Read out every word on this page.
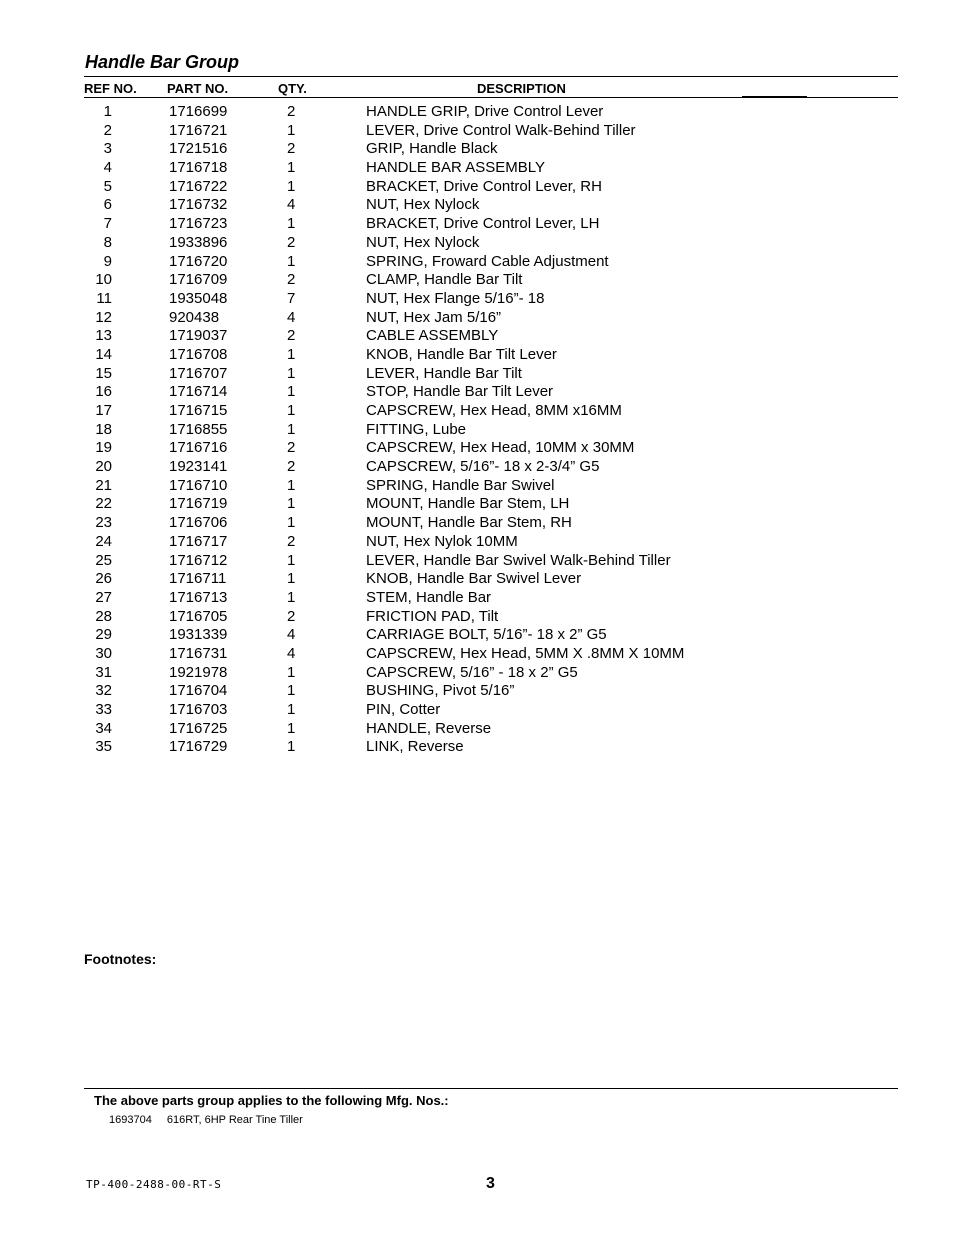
Handle Bar Group
REF NO. PART NO.	QTY.	DESCRIPTION
1	1716699	2	HANDLE GRIP, Drive Control Lever
2	1716721	1	LEVER, Drive Control Walk-Behind Tiller
3	1721516	2	GRIP, Handle Black
4	1716718	1	HANDLE BAR ASSEMBLY
5	1716722	1	BRACKET, Drive Control Lever, RH
6	1716732	4	NUT, Hex Nylock
7	1716723	1	BRACKET, Drive Control Lever, LH
8	1933896	2	NUT, Hex Nylock
9	1716720	1	SPRING, Froward Cable Adjustment
10	1716709	2	CLAMP, Handle Bar Tilt
11	1935048	7	NUT, Hex Flange 5/16”- 18
12	920438	4	NUT, Hex Jam 5/16”
13	1719037	2	CABLE ASSEMBLY
14	1716708	1	KNOB, Handle Bar Tilt Lever
15	1716707	1	LEVER, Handle Bar Tilt
16	1716714	1	STOP, Handle Bar Tilt Lever
17	1716715	1	CAPSCREW, Hex Head, 8MM x16MM
18	1716855	1	FITTING, Lube
19	1716716	2	CAPSCREW, Hex Head, 10MM x 30MM
20	1923141	2	CAPSCREW, 5/16”- 18 x 2-3/4” G5
21	1716710	1	SPRING, Handle Bar Swivel
22	1716719	1	MOUNT, Handle Bar Stem, LH
23	1716706	1	MOUNT, Handle Bar Stem, RH
24	1716717	2	NUT, Hex Nylok 10MM
25	1716712	1	LEVER, Handle Bar Swivel Walk-Behind Tiller
26	1716711	1	KNOB, Handle Bar Swivel Lever
27	1716713	1	STEM, Handle Bar
28	1716705	2	FRICTION PAD, Tilt
29	1931339	4	CARRIAGE BOLT, 5/16”- 18 x 2” G5
30	1716731	4	CAPSCREW, Hex Head, 5MM X .8MM X 10MM
31	1921978	1	CAPSCREW, 5/16” - 18 x 2” G5
32	1716704	1	BUSHING, Pivot 5/16”
33	1716703	1	PIN, Cotter
34	1716725	1	HANDLE, Reverse
35	1716729	1	LINK, Reverse
Footnotes:
The above parts group applies to the following Mfg. Nos.:
1693704 616RT, 6HP Rear Tine Tiller
TP-400-2488-00-RT-S	3
